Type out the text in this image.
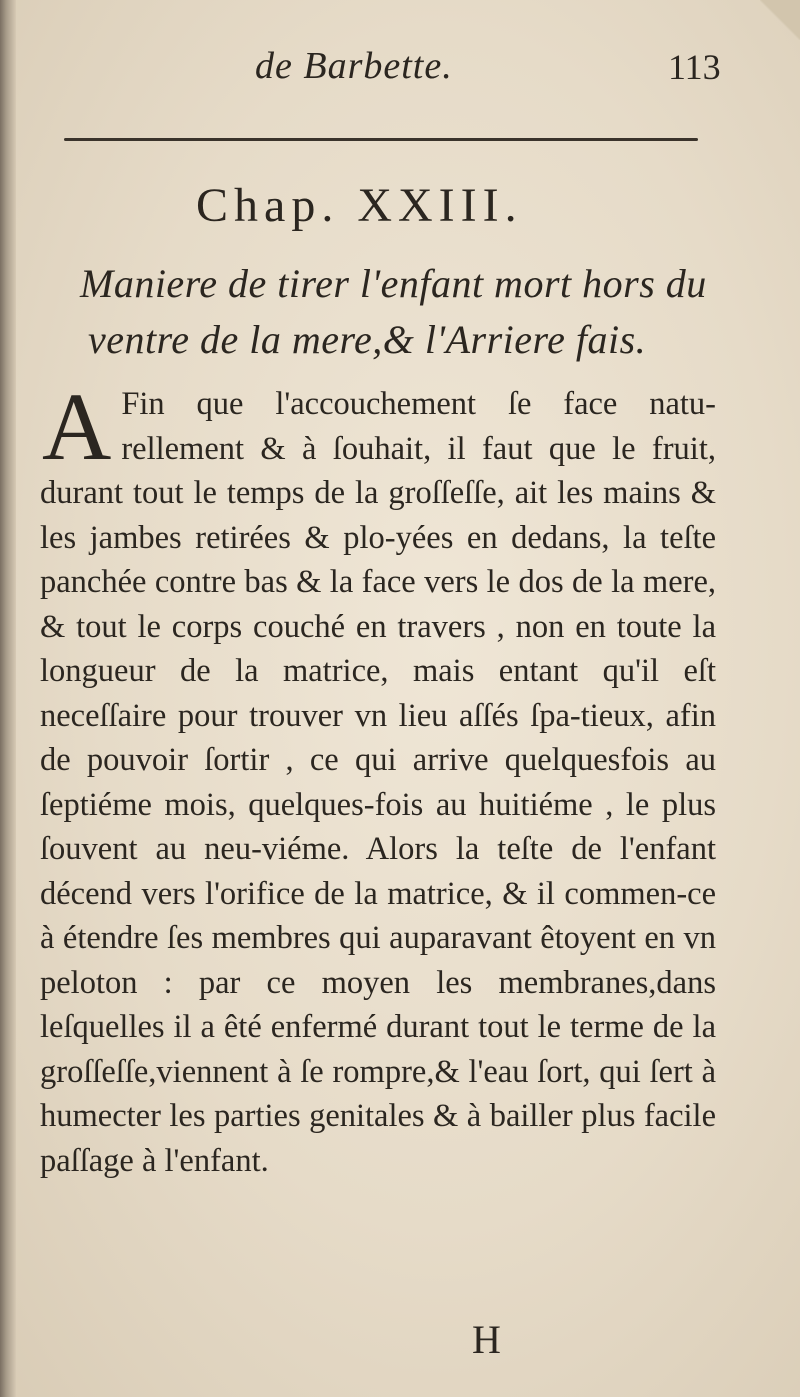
de Barbette.	113
Chap. XXIII.
Maniere de tirer l'enfant mort hors du
ventre de la mere,& l'Arriere fais.
A Fin que l'accouchement ſe face natu-rellement & à ſouhait, il faut que le fruit, durant tout le temps de la groſſeſſe, ait les mains & les jambes retirées & plo-yées en dedans, la teſte panchée contre bas & la face vers le dos de la mere, & tout le corps couché en travers , non en toute la longueur de la matrice, mais entant qu'il eſt neceſſaire pour trouver vn lieu aſſés ſpa-tieux, afin de pouvoir ſortir , ce qui arrive quelquesfois au ſeptiéme mois, quelques-fois au huitiéme , le plus ſouvent au neu-viéme. Alors la teſte de l'enfant décend vers l'orifice de la matrice, & il commen-ce à étendre ſes membres qui auparavant êtoyent en vn peloton : par ce moyen les membranes,dans leſquelles il a êté enfermé durant tout le terme de la groſſeſſe,viennent à ſe rompre,& l'eau ſort, qui ſert à humecter les parties genitales & à bailler plus facile paſſage à l'enfant.
H
